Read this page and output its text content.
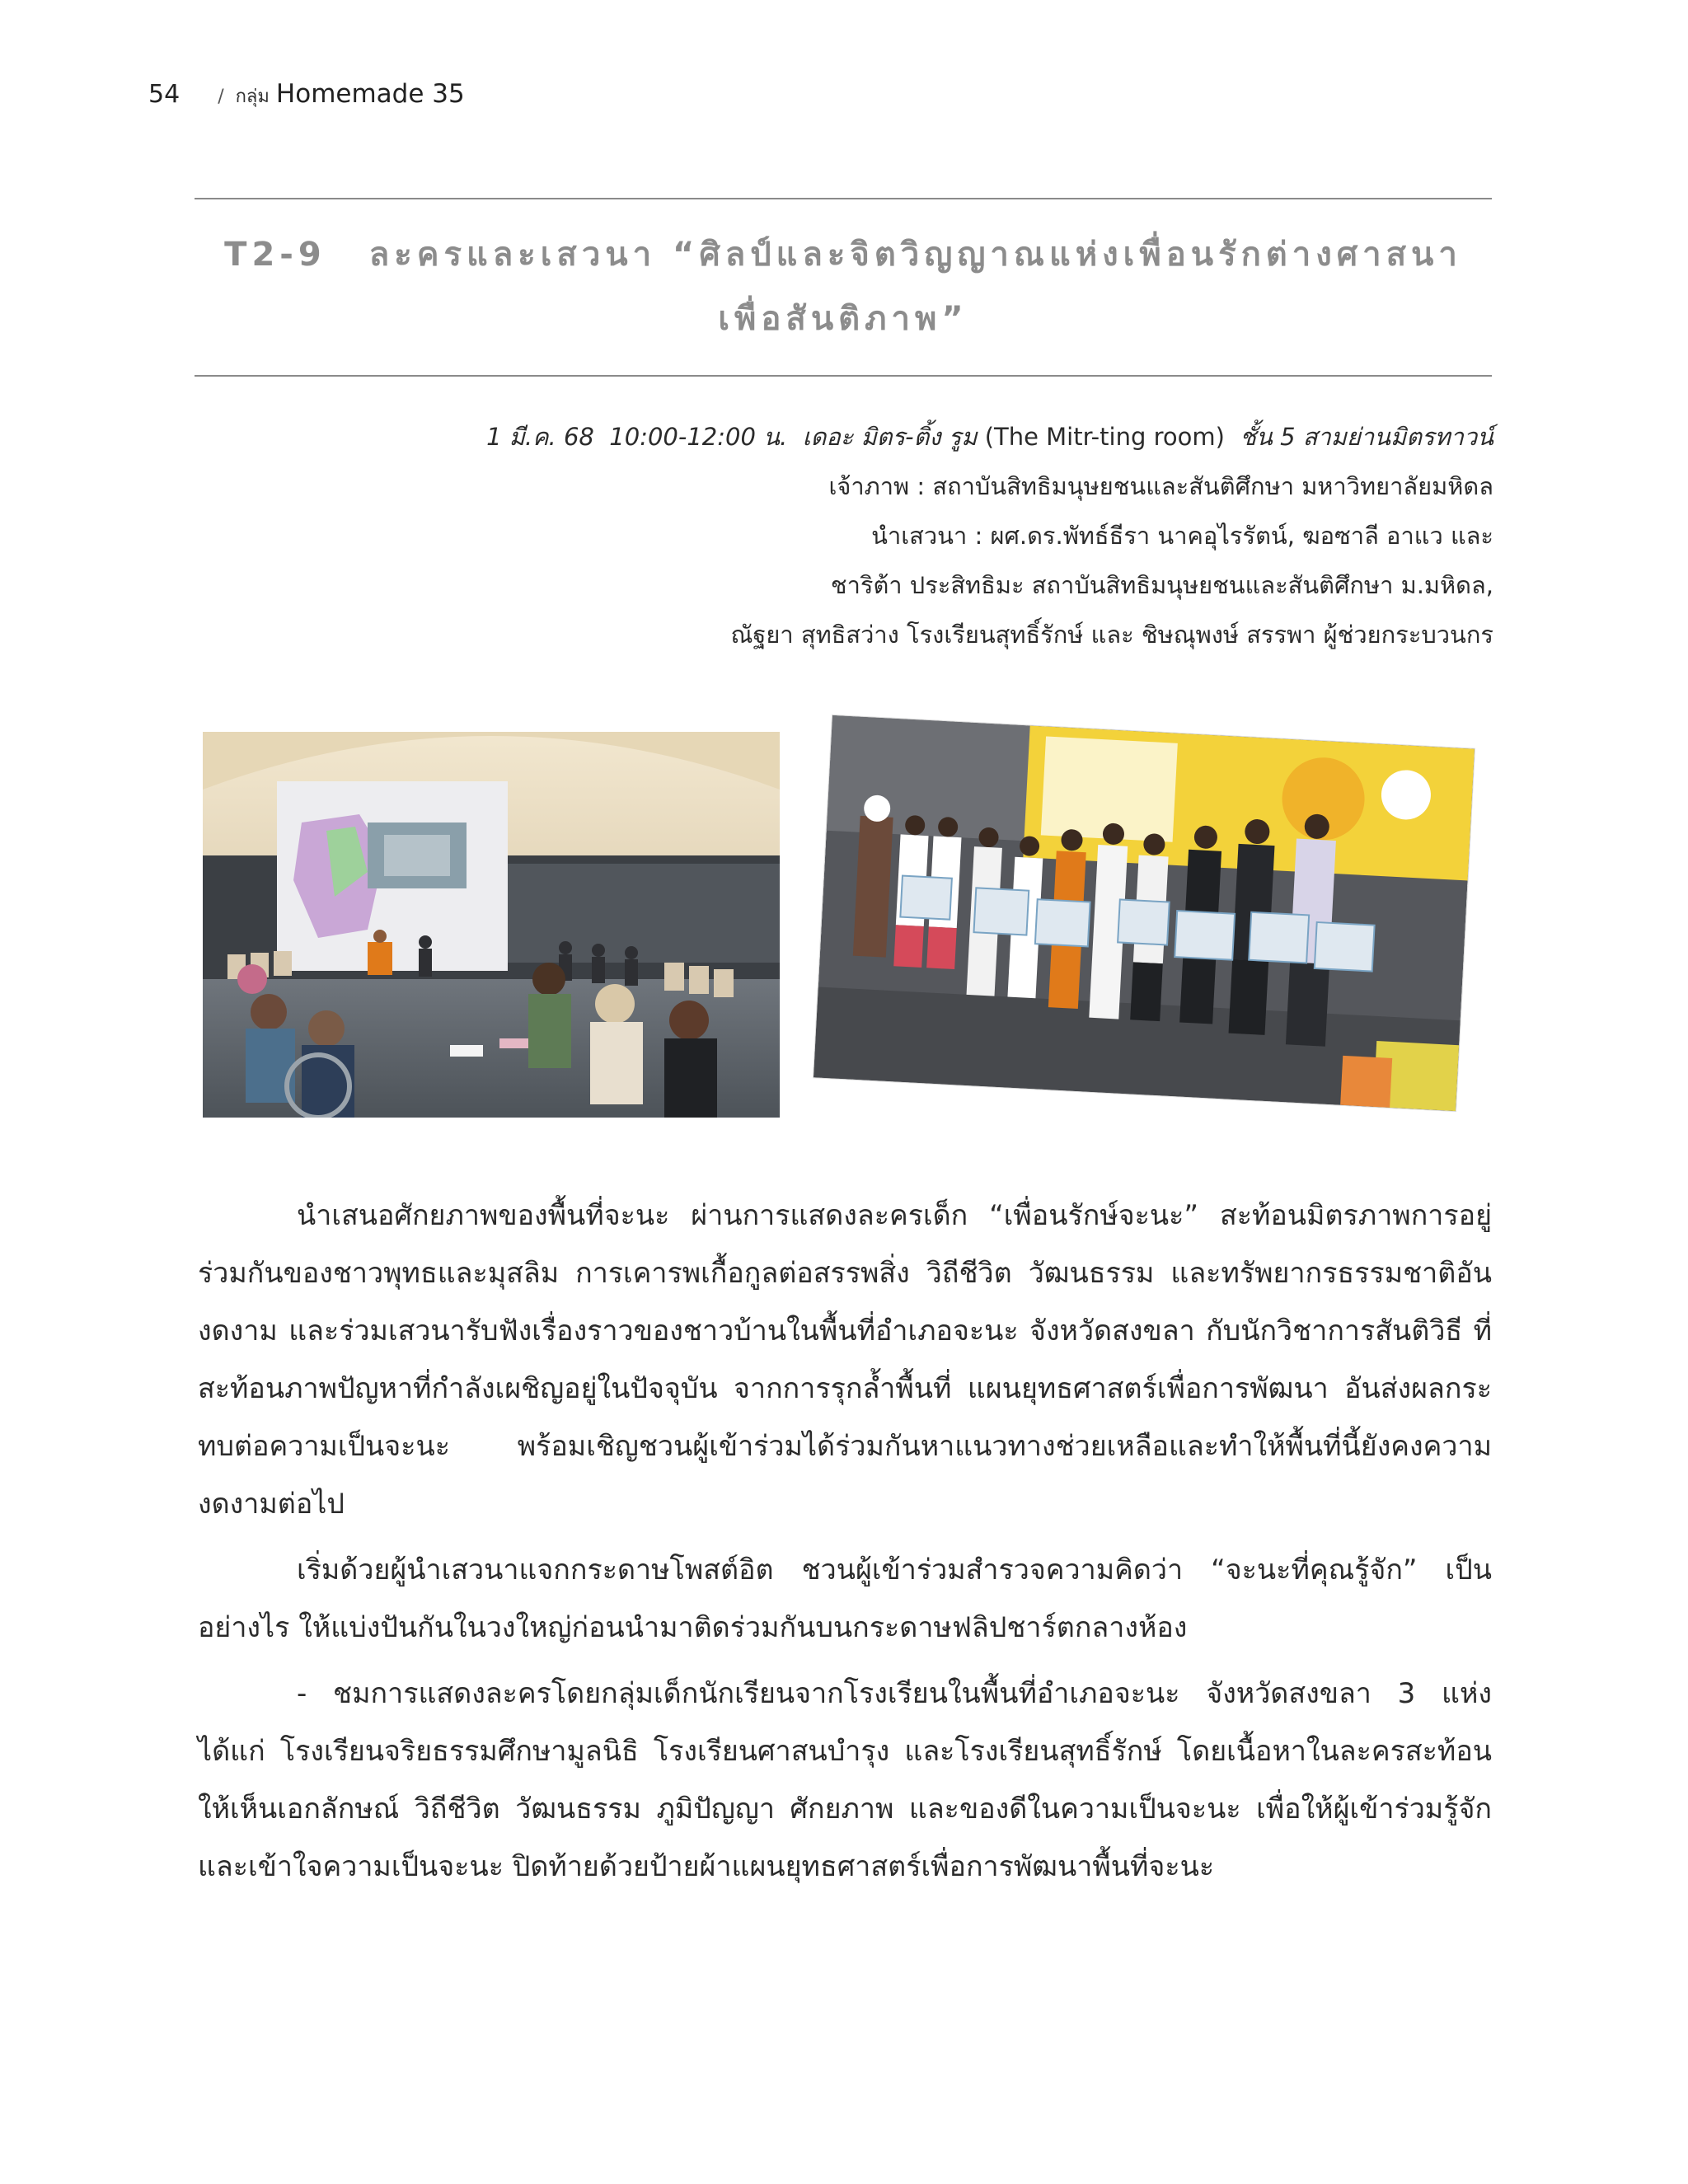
54 / กลุ่ม Homemade 35
T2-9 ละครและเสวนา “ศิลป์และจิตวิญญาณแห่งเพื่อนรักต่างศาสนา
เพื่อสันติภาพ”
1 มี.ค. 68 10:00-12:00 น. เดอะ มิตร-ติ้ง รูม (The Mitr-ting room) ชั้น 5 สามย่านมิตรทาวน์
เจ้าภาพ : สถาบันสิทธิมนุษยชนและสันติศึกษา มหาวิทยาลัยมหิดล
นำเสวนา : ผศ.ดร.พัทธ์ธีรา นาคอุไรรัตน์, ฆอซาลี อาแว และ
ชาริต้า ประสิทธิมะ สถาบันสิทธิมนุษยชนและสันติศึกษา ม.มหิดล,
ณัฐยา สุทธิสว่าง โรงเรียนสุทธิ์รักษ์ และ ชิษณุพงษ์ สรรพา ผู้ช่วยกระบวนกร

นำเสนอศักยภาพของพื้นที่จะนะ ผ่านการแสดงละครเด็ก “เพื่อนรักษ์จะนะ” สะท้อนมิตรภาพการอยู่ร่วมกันของชาวพุทธและมุสลิม การเคารพเกื้อกูลต่อสรรพสิ่ง วิถีชีวิต วัฒนธรรม และทรัพยากรธรรมชาติอันงดงาม และร่วมเสวนารับฟังเรื่องราวของชาวบ้านในพื้นที่อำเภอจะนะ จังหวัดสงขลา กับนักวิชาการสันติวิธี ที่สะท้อนภาพปัญหาที่กำลังเผชิญอยู่ในปัจจุบัน จากการรุกล้ำพื้นที่ แผนยุทธศาสตร์เพื่อการพัฒนา อันส่งผลกระทบต่อความเป็นจะนะ พร้อมเชิญชวนผู้เข้าร่วมได้ร่วมกันหาแนวทางช่วยเหลือและทำให้พื้นที่นี้ยังคงความงดงามต่อไป

เริ่มด้วยผู้นำเสวนาแจกกระดาษโพสต์อิต ชวนผู้เข้าร่วมสำรวจความคิดว่า “จะนะที่คุณรู้จัก” เป็นอย่างไร ให้แบ่งปันกันในวงใหญ่ก่อนนำมาติดร่วมกันบนกระดาษฟลิปชาร์ตกลางห้อง

- ชมการแสดงละครโดยกลุ่มเด็กนักเรียนจากโรงเรียนในพื้นที่อำเภอจะนะ จังหวัดสงขลา 3 แห่ง ได้แก่ โรงเรียนจริยธรรมศึกษามูลนิธิ โรงเรียนศาสนบำรุง และโรงเรียนสุทธิ์รักษ์ โดยเนื้อหาในละครสะท้อนให้เห็นเอกลักษณ์ วิถีชีวิต วัฒนธรรม ภูมิปัญญา ศักยภาพ และของดีในความเป็นจะนะ เพื่อให้ผู้เข้าร่วมรู้จักและเข้าใจความเป็นจะนะ ปิดท้ายด้วยป้ายผ้าแผนยุทธศาสตร์เพื่อการพัฒนาพื้นที่จะนะ
